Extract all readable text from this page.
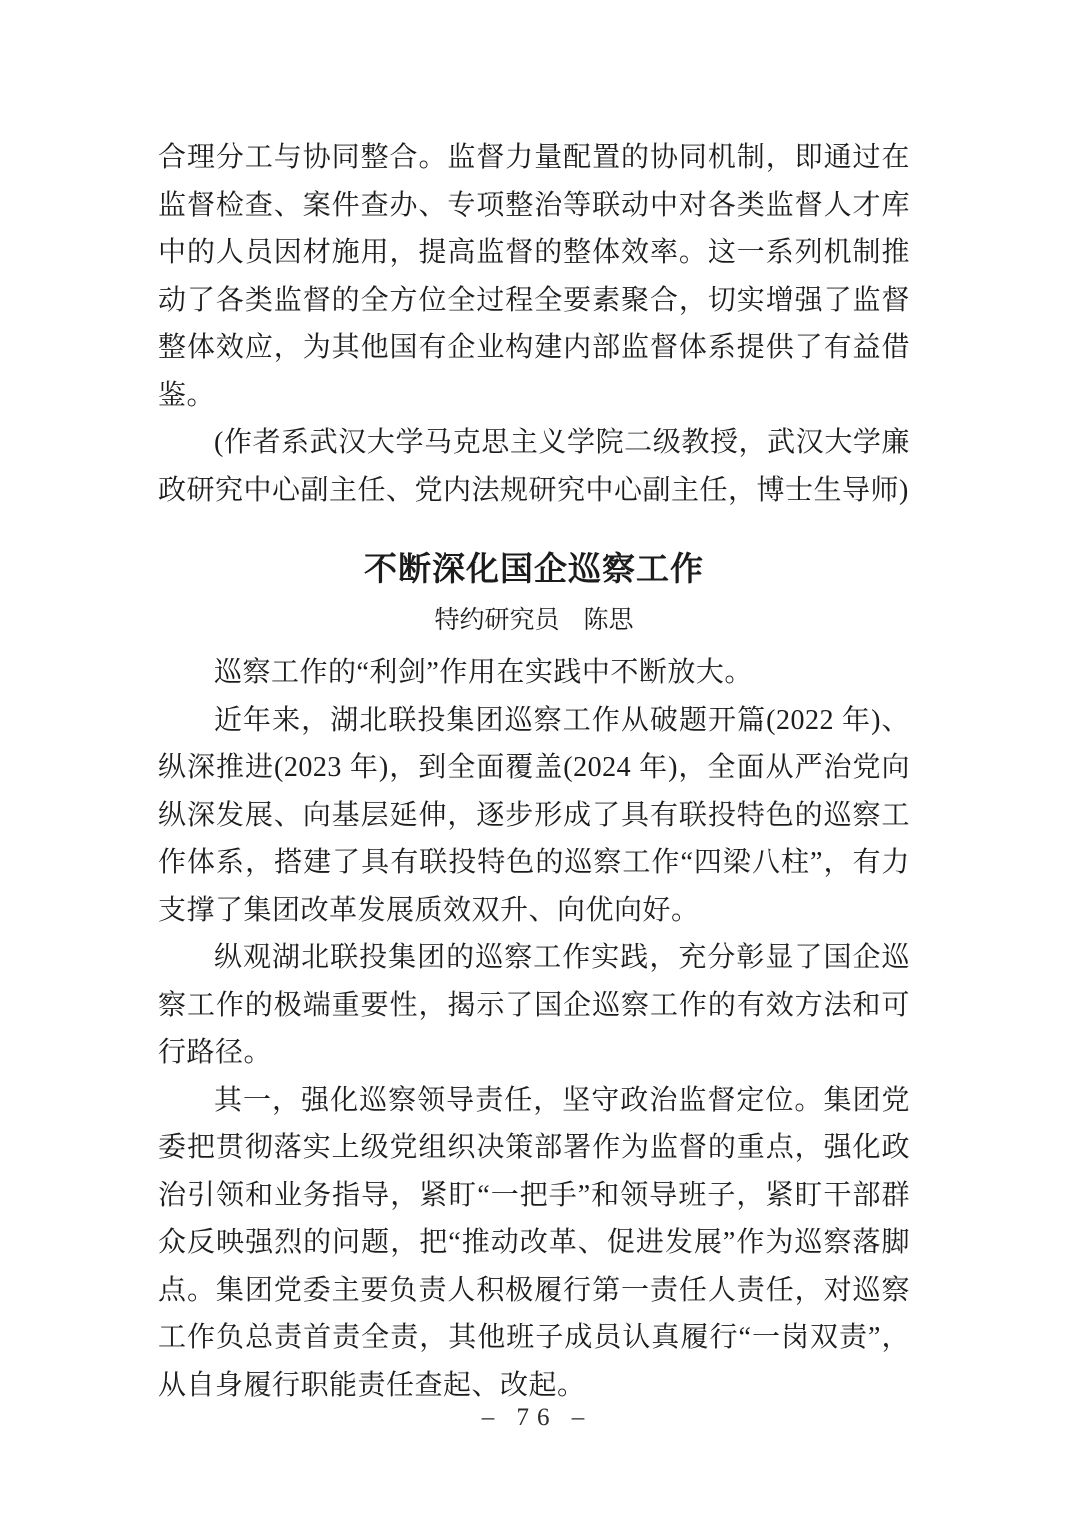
合理分工与协同整合。监督力量配置的协同机制，即通过在监督检查、案件查办、专项整治等联动中对各类监督人才库中的人员因材施用，提高监督的整体效率。这一系列机制推动了各类监督的全方位全过程全要素聚合，切实增强了监督整体效应，为其他国有企业构建内部监督体系提供了有益借鉴。

(作者系武汉大学马克思主义学院二级教授，武汉大学廉政研究中心副主任、党内法规研究中心副主任，博士生导师)

不断深化国企巡察工作
特约研究员 陈思

巡察工作的“利剑”作用在实践中不断放大。

近年来，湖北联投集团巡察工作从破题开篇(2022 年)、纵深推进(2023 年)，到全面覆盖(2024 年)，全面从严治党向纵深发展、向基层延伸，逐步形成了具有联投特色的巡察工作体系，搭建了具有联投特色的巡察工作“四梁八柱”，有力支撑了集团改革发展质效双升、向优向好。

纵观湖北联投集团的巡察工作实践，充分彰显了国企巡察工作的极端重要性，揭示了国企巡察工作的有效方法和可行路径。

其一，强化巡察领导责任，坚守政治监督定位。集团党委把贯彻落实上级党组织决策部署作为监督的重点，强化政治引领和业务指导，紧盯“一把手”和领导班子，紧盯干部群众反映强烈的问题，把“推动改革、促进发展”作为巡察落脚点。集团党委主要负责人积极履行第一责任人责任，对巡察工作负总责首责全责，其他班子成员认真履行“一岗双责”，从自身履行职能责任查起、改起。

– 76 –
